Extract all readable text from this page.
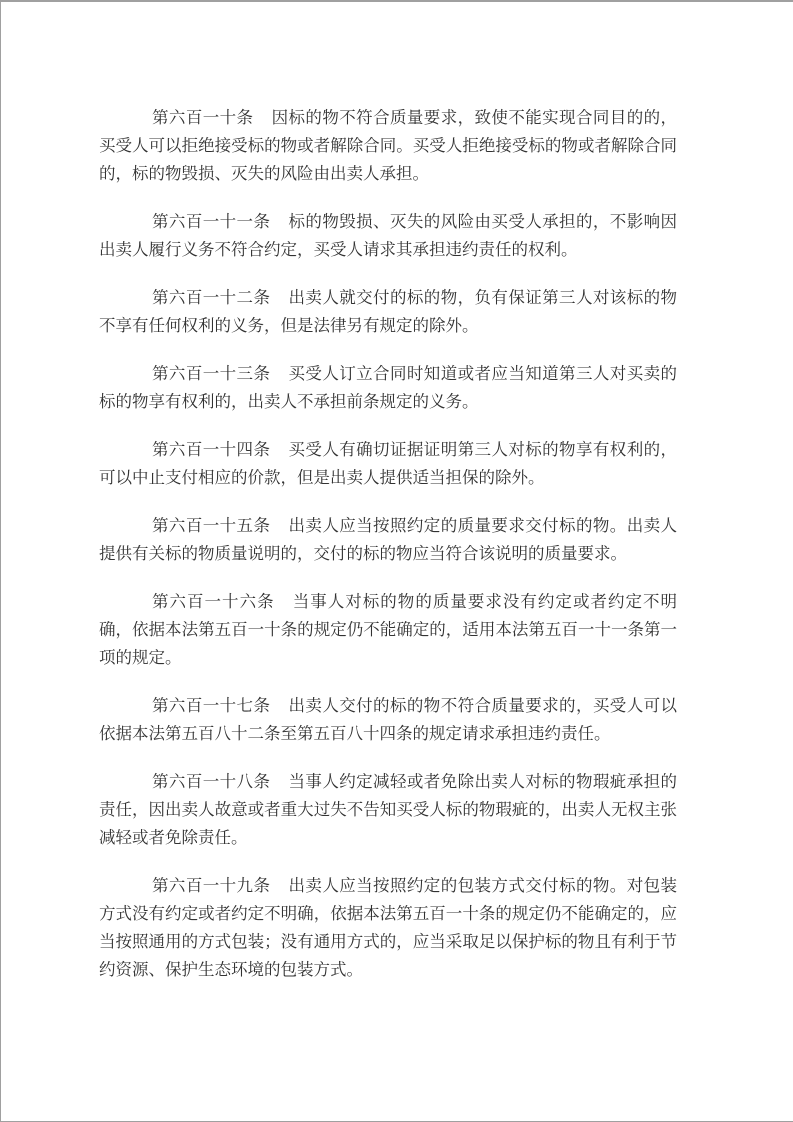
第六百一十条 因标的物不符合质量要求，致使不能实现合同目的的，买受人可以拒绝接受标的物或者解除合同。买受人拒绝接受标的物或者解除合同的，标的物毁损、灭失的风险由出卖人承担。

第六百一十一条 标的物毁损、灭失的风险由买受人承担的，不影响因出卖人履行义务不符合约定，买受人请求其承担违约责任的权利。

第六百一十二条 出卖人就交付的标的物，负有保证第三人对该标的物不享有任何权利的义务，但是法律另有规定的除外。

第六百一十三条 买受人订立合同时知道或者应当知道第三人对买卖的标的物享有权利的，出卖人不承担前条规定的义务。

第六百一十四条 买受人有确切证据证明第三人对标的物享有权利的，可以中止支付相应的价款，但是出卖人提供适当担保的除外。

第六百一十五条 出卖人应当按照约定的质量要求交付标的物。出卖人提供有关标的物质量说明的，交付的标的物应当符合该说明的质量要求。

第六百一十六条 当事人对标的物的质量要求没有约定或者约定不明确，依据本法第五百一十条的规定仍不能确定的，适用本法第五百一十一条第一项的规定。

第六百一十七条 出卖人交付的标的物不符合质量要求的，买受人可以依据本法第五百八十二条至第五百八十四条的规定请求承担违约责任。

第六百一十八条 当事人约定减轻或者免除出卖人对标的物瑕疵承担的责任，因出卖人故意或者重大过失不告知买受人标的物瑕疵的，出卖人无权主张减轻或者免除责任。

第六百一十九条 出卖人应当按照约定的包装方式交付标的物。对包装方式没有约定或者约定不明确，依据本法第五百一十条的规定仍不能确定的，应当按照通用的方式包装；没有通用方式的，应当采取足以保护标的物且有利于节约资源、保护生态环境的包装方式。
